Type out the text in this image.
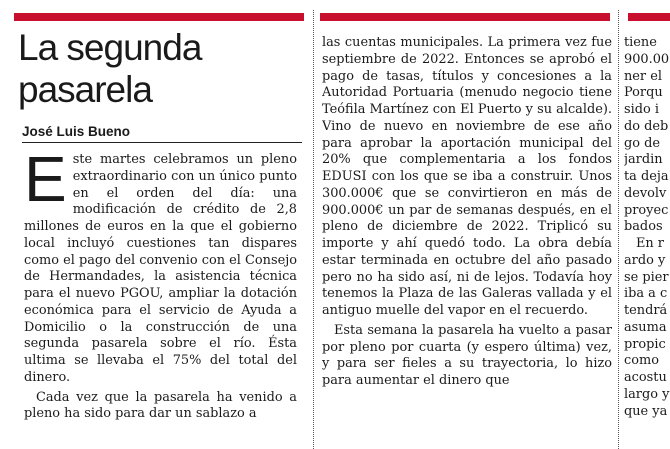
La segunda pasarela
José Luis Bueno

Este martes celebramos un pleno extraordinario con un único punto en el orden del día: una modificación de crédito de 2,8 millones de euros en la que el gobierno local incluyó cuestiones tan dispares como el pago del convenio con el Consejo de Hermandades, la asistencia técnica para el nuevo PGOU, ampliar la dotación económica para el servicio de Ayuda a Domicilio o la construcción de una segunda pasarela sobre el río. Ésta ultima se llevaba el 75% del total del dinero.

Cada vez que la pasarela ha venido a pleno ha sido para dar un sablazo a

las cuentas municipales. La primera vez fue septiembre de 2022. Entonces se aprobó el pago de tasas, títulos y concesiones a la Autoridad Portuaria (menudo negocio tiene Teófila Martínez con El Puerto y su alcalde). Vino de nuevo en noviembre de ese año para aprobar la aportación municipal del 20% que complementaria a los fondos EDUSI con los que se iba a construir. Unos 300.000€ que se convirtieron en más de 900.000€ un par de semanas después, en el pleno de diciembre de 2022. Triplicó su importe y ahí quedó todo. La obra debía estar terminada en octubre del año pasado pero no ha sido así, ni de lejos. Todavía hoy tenemos la Plaza de las Galeras vallada y el antiguo muelle del vapor en el recuerdo.

Esta semana la pasarela ha vuelto a pasar por pleno por cuarta (y espero última) vez, y para ser fieles a su trayectoria, lo hizo para aumentar el dinero que

tiene
900.00
ner el
Porqu
sido i
do deb
go de
jardin
ta deja
devolv
proyec
bados
En r
ardo y
se pier
iba a c
tendrá
asuma
propic
como
acostu
largo y
que ya
